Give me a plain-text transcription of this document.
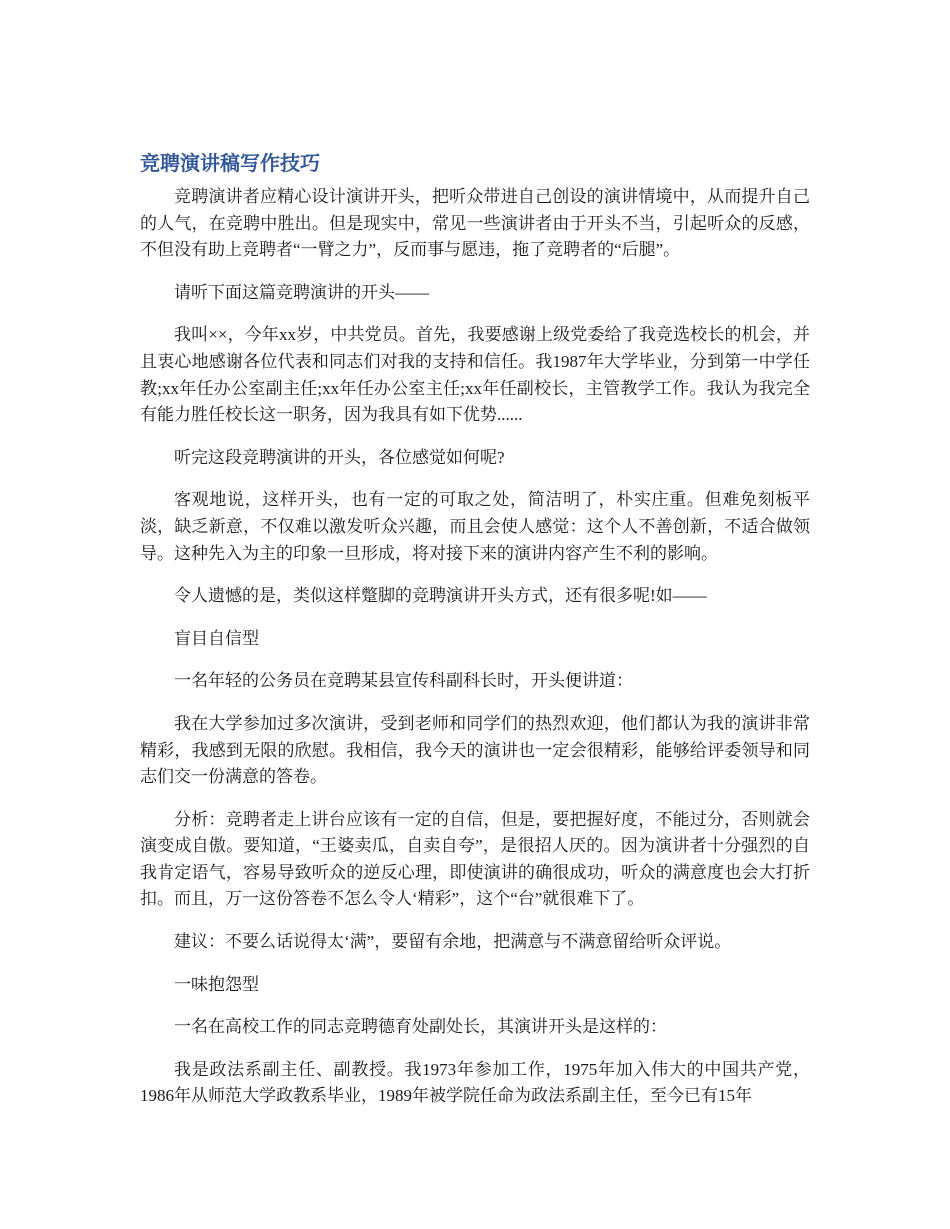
竞聘演讲稿写作技巧

竞聘演讲者应精心设计演讲开头，把听众带进自己创设的演讲情境中，从而提升自己的人气，在竞聘中胜出。但是现实中，常见一些演讲者由于开头不当，引起听众的反感，不但没有助上竞聘者“一臂之力”，反而事与愿违，拖了竞聘者的“后腿”。

请听下面这篇竞聘演讲的开头——

我叫××，今年xx岁，中共党员。首先，我要感谢上级党委给了我竞选校长的机会，并且衷心地感谢各位代表和同志们对我的支持和信任。我1987年大学毕业，分到第一中学任教;xx年任办公室副主任;xx年任办公室主任;xx年任副校长，主管教学工作。我认为我完全有能力胜任校长这一职务，因为我具有如下优势......

听完这段竞聘演讲的开头，各位感觉如何呢?

客观地说，这样开头，也有一定的可取之处，简洁明了，朴实庄重。但难免刻板平淡，缺乏新意，不仅难以激发听众兴趣，而且会使人感觉：这个人不善创新，不适合做领导。这种先入为主的印象一旦形成，将对接下来的演讲内容产生不利的影响。

令人遗憾的是，类似这样蹩脚的竞聘演讲开头方式，还有很多呢!如——

盲目自信型

一名年轻的公务员在竞聘某县宣传科副科长时，开头便讲道：

我在大学参加过多次演讲，受到老师和同学们的热烈欢迎，他们都认为我的演讲非常精彩，我感到无限的欣慰。我相信，我今天的演讲也一定会很精彩，能够给评委领导和同志们交一份满意的答卷。

分析：竞聘者走上讲台应该有一定的自信，但是，要把握好度，不能过分，否则就会演变成自傲。要知道，“王婆卖瓜，自卖自夸”，是很招人厌的。因为演讲者十分强烈的自我肯定语气，容易导致听众的逆反心理，即使演讲的确很成功，听众的满意度也会大打折扣。而且，万一这份答卷不怎么令人‘精彩”，这个“台”就很难下了。

建议：不要么话说得太‘满”，要留有余地，把满意与不满意留给听众评说。

一味抱怨型

一名在高校工作的同志竞聘德育处副处长，其演讲开头是这样的：

我是政法系副主任、副教授。我1973年参加工作，1975年加入伟大的中国共产党，1986年从师范大学政教系毕业，1989年被学院任命为政法系副主任，至今已有15年
